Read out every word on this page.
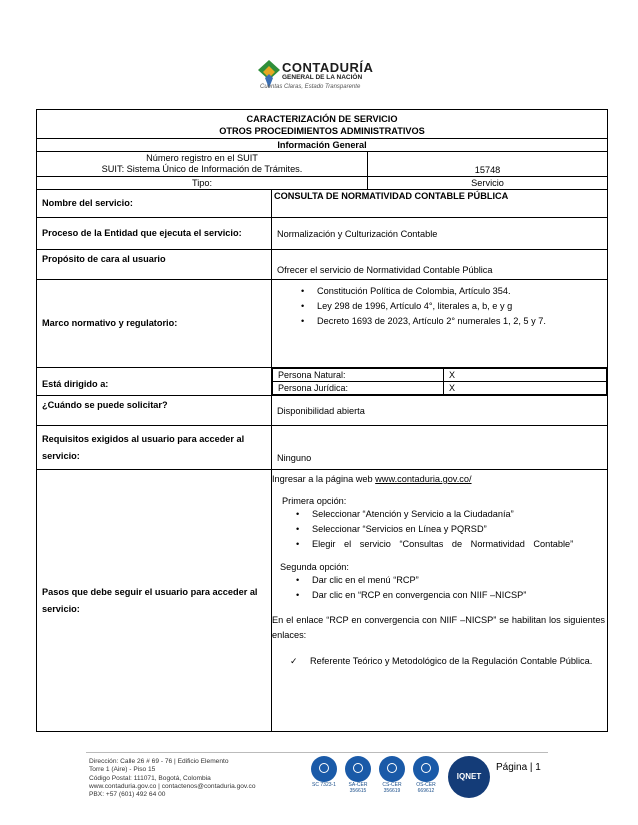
CONTADURÍA
GENERAL DE LA NACIÓN
Cuentas Claras, Estado Transparente
CARACTERIZACIÓN DE SERVICIO
OTROS PROCEDIMIENTOS ADMINISTRATIVOS

Información General

Número registro en el SUIT
SUIT: Sistema Único de Información de Trámites.	15748
Tipo:	Servicio
Nombre del servicio:	CONSULTA DE NORMATIVIDAD CONTABLE PÚBLICA
Proceso de la Entidad que ejecuta el servicio:	Normalización y Culturización Contable
Propósito de cara al usuario	Ofrecer el servicio de Normatividad Contable Pública
Marco normativo y regulatorio:	
• Constitución Política de Colombia, Artículo 354.
• Ley 298 de 1996, Artículo 4°, literales a, b, e y g
• Decreto 1693 de 2023, Artículo 2° numerales 1, 2, 5 y 7.

Está dirigido a:	
Persona Natural:	X
Persona Jurídica:	X

¿Cuándo se puede solicitar?	Disponibilidad abierta
Requisitos exigidos al usuario para acceder al servicio:	Ninguno
Pasos que debe seguir el usuario para acceder al servicio:	

Ingresar a la página web www.contaduria.gov.co/

Primera opción:

• Seleccionar “Atención y Servicio a la Ciudadanía”
• Seleccionar “Servicios en Línea y PQRSD”
• Elegir el servicio “Consultas de Normatividad Contable”

Segunda opción:

• Dar clic en el menú “RCP”
• Dar clic en “RCP en convergencia con NIIF –NICSP”

En el enlace “RCP en convergencia con NIIF –NICSP” se habilitan los siguientes enlaces:

✓ Referente Teórico y Metodológico de la Regulación Contable Pública.
Dirección: Calle 26 # 69 - 76 | Edificio Elemento
Torre 1 (Aire) - Piso 15
Código Postal: 111071, Bogotá, Colombia
www.contaduria.gov.co | contactenos@contaduria.gov.co
PBX: +57 (601) 492 64 00
SC 7323-1	SA-CER 356615
CS-CER 356619
OS-CER 669612
IQNET
Página | 1
